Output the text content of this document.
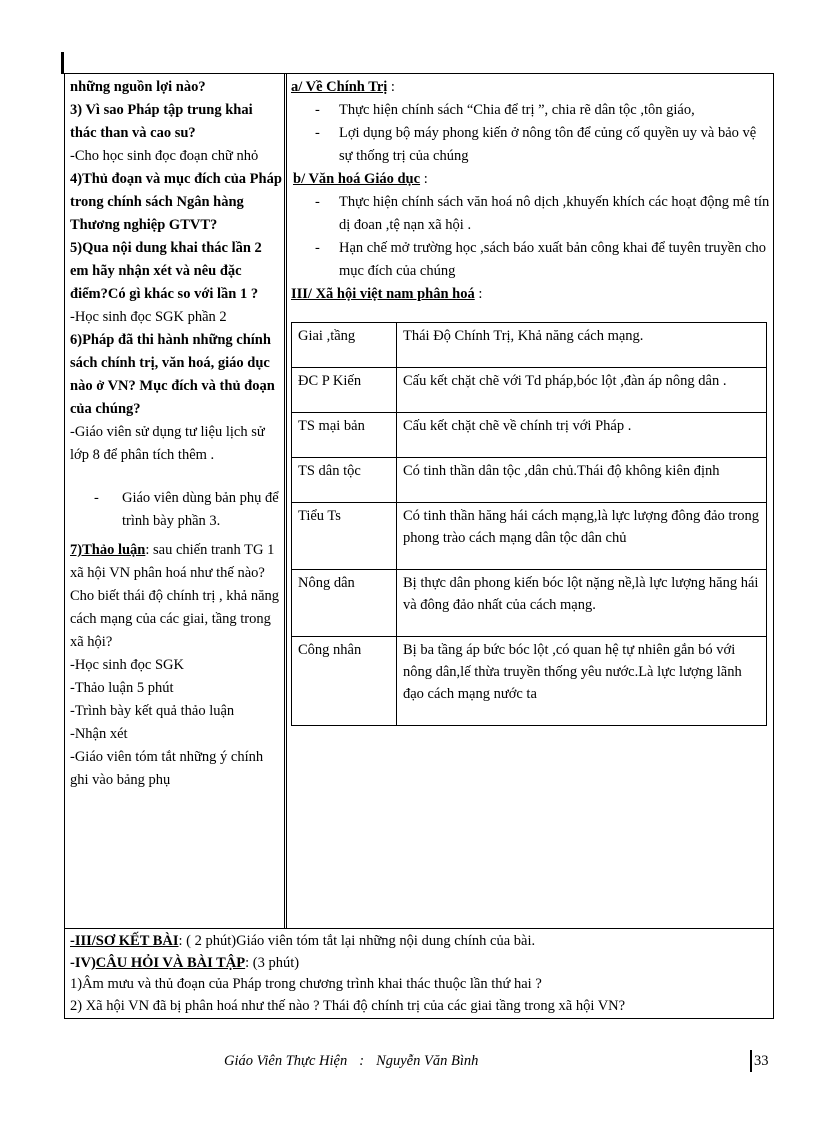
những nguồn lợi nào?

3) Vì sao Pháp tập trung khai thác than và cao su?

-Cho học sinh đọc đoạn chữ nhỏ

4)Thủ đoạn và mục đích của Pháp trong chính sách Ngân hàng Thương nghiệp GTVT?

5)Qua nội dung khai thác lần 2 em hãy nhận xét và nêu đặc điểm?Có gì khác so với lần 1 ?

-Học sinh đọc SGK phần 2

6)Pháp đã thi hành những chính sách chính trị, văn hoá, giáo dục nào ở VN? Mục đích và thủ đoạn của chúng?

-Giáo viên sử dụng tư liệu lịch sử lớp 8 để phân tích thêm .

-	Giáo viên dùng bản phụ để trình bày phần 3.

7)Thảo luận: sau chiến tranh TG 1 xã hội VN phân hoá như thế nào? Cho biết thái độ chính trị , khả năng cách mạng của các giai, tầng trong xã hội?

-Học sinh đọc SGK

-Thảo luận 5 phút

-Trình bày kết quả thảo luận

-Nhận xét

-Giáo viên tóm tắt những ý chính ghi vào bảng phụ

a/ Về Chính Trị :

-	Thực hiện chính sách “Chia để trị ”, chia rẽ dân tộc ,tôn giáo,
-	Lợi dụng bộ máy phong kiến ở nông tôn để củng cố quyền uy và bảo vệ sự thống trị của chúng

b/ Văn hoá Giáo dục :

-	Thực hiện chính sách văn hoá nô dịch ,khuyến khích các hoạt động mê tín dị đoan ,tệ nạn xã hội .
-	Hạn chế mở trường học ,sách báo xuất bản công khai để tuyên truyền cho mục đích của chúng

III/ Xã hội việt nam phân hoá :

Giai ,tầng	Thái Độ Chính Trị, Khả năng cách mạng.
ĐC P Kiến	Cấu kết chặt chẽ với Td pháp,bóc lột ,đàn áp nông dân .
TS mại bản	Cấu kết chặt chẽ về chính trị với Pháp .
TS dân tộc	Có tinh thần dân tộc ,dân chủ.Thái độ không kiên định
Tiểu Ts	Có tinh thần hăng hái cách mạng,là lực lượng đông đảo trong phong trào cách mạng dân tộc dân chủ
Nông dân	Bị thực dân phong kiến bóc lột nặng nề,là lực lượng hăng hái và đông đảo nhất của cách mạng.
Công nhân	Bị ba tầng áp bức bóc lột ,có quan hệ tự nhiên gắn bó với nông dân,lế thừa truyền thống yêu nước.Là lực lượng lãnh đạo cách mạng nước ta

-III/SƠ KẾT BÀI: ( 2 phút)Giáo viên tóm tắt lại những nội dung chính của bài.

-IV)CÂU HỎI VÀ BÀI TẬP: (3 phút)

1)Âm mưu và thủ đoạn của Pháp trong chương trình khai thác thuộc lần thứ hai ?

2) Xã hội VN đã bị phân hoá như thế nào ? Thái độ chính trị của các giai tầng trong xã hội VN?

Giáo Viên Thực Hiện : Nguyễn Văn Bình	33
